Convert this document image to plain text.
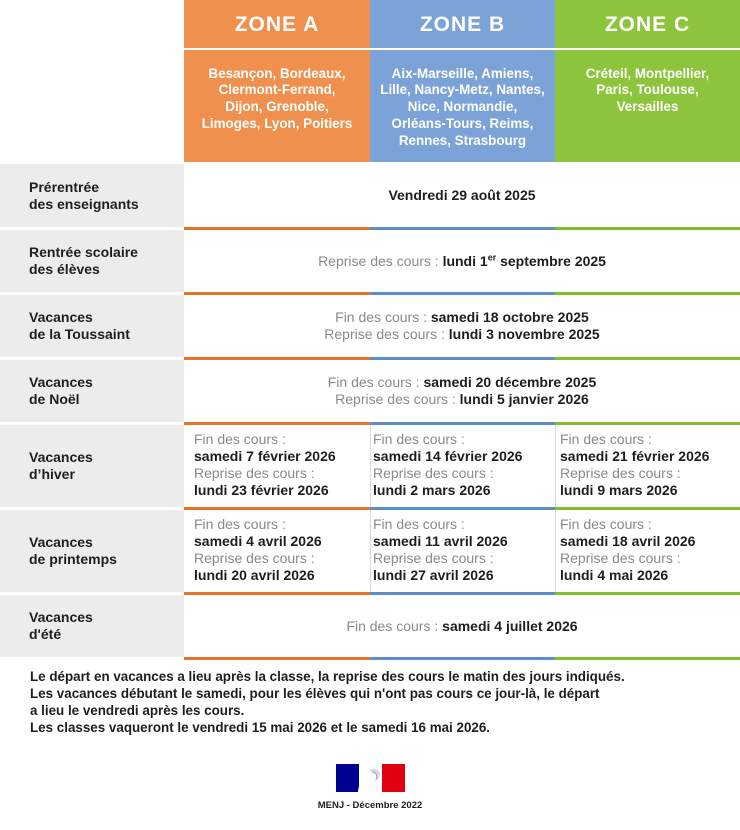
ZONE A
Besançon, Bordeaux,
Clermont-Ferrand,
Dijon, Grenoble,
Limoges, Lyon, Poitiers
ZONE B
Aix-Marseille, Amiens,
Lille, Nancy-Metz, Nantes,
Nice, Normandie,
Orléans-Tours, Reims,
Rennes, Strasbourg
ZONE C
Créteil, Montpellier,
Paris, Toulouse,
Versailles
Prérentrée
des enseignants
Vendredi 29 août 2025
Rentrée scolaire
des élèves
Reprise des cours : lundi 1er septembre 2025
Vacances
de la Toussaint
Fin des cours : samedi 18 octobre 2025
Reprise des cours : lundi 3 novembre 2025
Vacances
de Noël
Fin des cours : samedi 20 décembre 2025
Reprise des cours : lundi 5 janvier 2026
Vacances
d’hiver
Fin des cours :
samedi 7 février 2026
Reprise des cours :
lundi 23 février 2026
Fin des cours :
samedi 14 février 2026
Reprise des cours :
lundi 2 mars 2026
Fin des cours :
samedi 21 février 2026
Reprise des cours :
lundi 9 mars 2026
Vacances
de printemps
Fin des cours :
samedi 4 avril 2026
Reprise des cours :
lundi 20 avril 2026
Fin des cours :
samedi 11 avril 2026
Reprise des cours :
lundi 27 avril 2026
Fin des cours :
samedi 18 avril 2026
Reprise des cours :
lundi 4 mai 2026
Vacances
d'été
Fin des cours : samedi 4 juillet 2026
Le départ en vacances a lieu après la classe, la reprise des cours le matin des jours indiqués.
Les vacances débutant le samedi, pour les élèves qui n'ont pas cours ce jour-là, le départ
a lieu le vendredi après les cours.
Les classes vaqueront le vendredi 15 mai 2026 et le samedi 16 mai 2026.
MENJ - Décembre 2022
